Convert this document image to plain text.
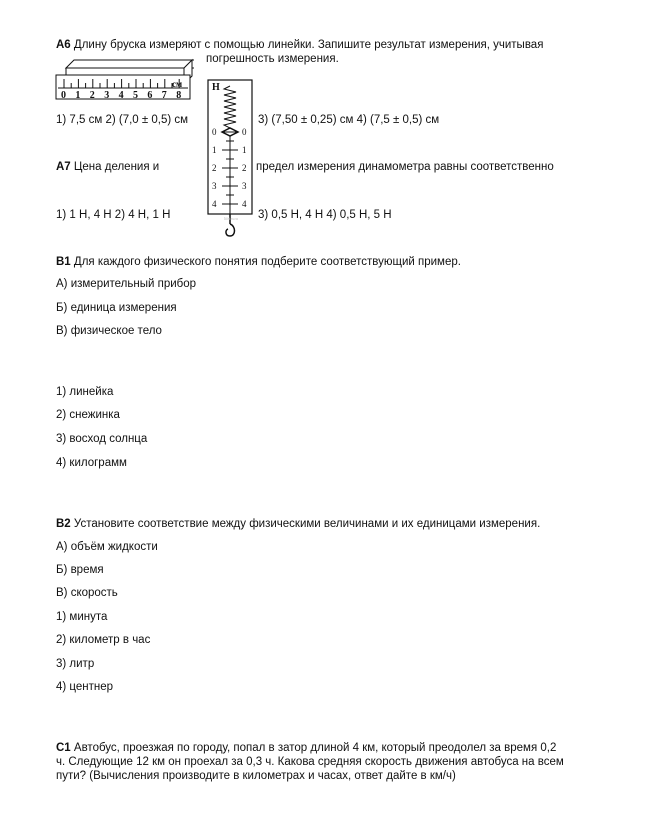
А6 Длину бруска измеряют с помощью линейки. Запишите результат измерения, учитывая
погрешность измерения.
0 1 2 3 4 5 6 7 8
см
1) 7,5 см 2) (7,0 ± 0,5) см	3) (7,50 ± 0,25) см 4) (7,5 ± 0,5) см
Н
0	0
1	1
2	2
3	3
4	4
lifetm.ru
А7 Цена деления и	предел измерения динамометра равны соответственно
1) 1 Н, 4 Н 2) 4 Н, 1 Н	3) 0,5 Н, 4 Н 4) 0,5 Н, 5 Н
В1 Для каждого физического понятия подберите соответствующий пример.
А) измерительный прибор
Б) единица измерения
В) физическое тело
1) линейка
2) снежинка
3) восход солнца
4) килограмм
В2 Установите соответствие между физическими величинами и их единицами измерения.
А) объём жидкости
Б) время
В) скорость
1) минута
2) километр в час
3) литр
4) центнер
С1 Автобус, проезжая по городу, попал в затор длиной 4 км, который преодолел за время 0,2
ч. Следующие 12 км он проехал за 0,3 ч. Какова средняя скорость движения автобуса на всем
пути? (Вычисления производите в километрах и часах, ответ дайте в км/ч)
